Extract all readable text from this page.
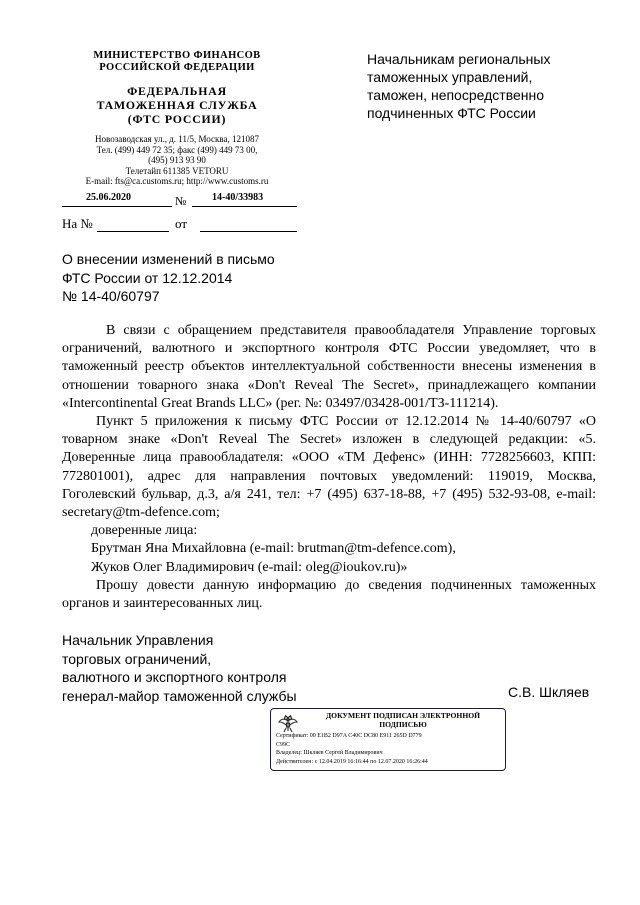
МИНИСТЕРСТВО ФИНАНСОВ
РОССИЙСКОЙ ФЕДЕРАЦИИ
ФЕДЕРАЛЬНАЯ
ТАМОЖЕННАЯ СЛУЖБА
(ФТС РОССИИ)
Новозаводская ул., д. 11/5, Москва, 121087
Тел. (499) 449 72 35; факс (499) 449 73 00,
(495) 913 93 90
Телетайп 611385 VETORU
E-mail: fts@ca.customs.ru; http://www.customs.ru
25.06.2020	№	14-40/33983
На №	от
Начальникам региональных
таможенных управлений,
таможен, непосредственно
подчиненных ФТС России
О внесении изменений в письмо
ФТС России от 12.12.2014
№ 14-40/60797

В связи с обращением представителя правообладателя Управление торговых ограничений, валютного и экспортного контроля ФТС России уведомляет, что в таможенный реестр объектов интеллектуальной собственности внесены изменения в отношении товарного знака «Don't Reveal The Secret», принадлежащего компании «Intercontinental Great Brands LLC» (рег. №: 03497/03428-001/ТЗ-111214).

Пункт 5 приложения к письму ФТС России от 12.12.2014 № 14-40/60797 «О товарном знаке «Don't Reveal The Secret» изложен в следующей редакции: «5. Доверенные лица правообладателя: «ООО «ТМ Дефенс» (ИНН: 7728256603, КПП: 772801001), адрес для направления почтовых уведомлений: 119019, Москва, Гоголевский бульвар, д.3, а/я 241, тел: +7 (495) 637-18-88, +7 (495) 532-93-08, e-mail: secretary@tm-defence.com;

доверенные лица:

Брутман Яна Михайловна (e-mail: brutman@tm-defence.com),

Жуков Олег Владимирович (e-mail: oleg@ioukov.ru)»

Прошу довести данную информацию до сведения подчиненных таможенных органов и заинтересованных лиц.

Начальник Управления
торговых ограничений,
валютного и экспортного контроля
генерал-майор таможенной службы	С.В. Шкляев
ДОКУМЕНТ ПОДПИСАН ЭЛЕКТРОННОЙ
ПОДПИСЬЮ
Сертификат: 00 E1B2 D97A C40C DC80 E911 265D D779
C99C
Владелец: Шкляев Сергей Владимирович
Действителен: с 12.04.2019 16:16:44 по 12.07.2020 16:26:44
